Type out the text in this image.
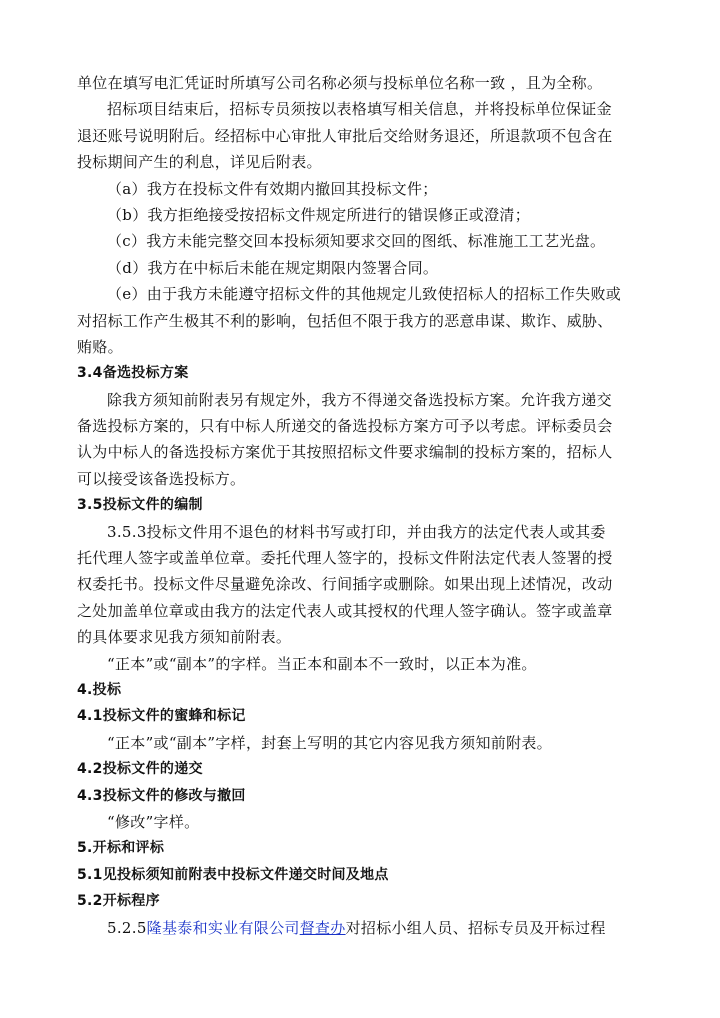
单位在填写电汇凭证时所填写公司名称必须与投标单位名称一致 ，且为全称。
招标项目结束后，招标专员须按以表格填写相关信息，并将投标单位保证金
退还账号说明附后。经招标中心审批人审批后交给财务退还，所退款项不包含在
投标期间产生的利息，详见后附表。
（a）我方在投标文件有效期内撤回其投标文件；
（b）我方拒绝接受按招标文件规定所进行的错误修正或澄清；
（c）我方未能完整交回本投标须知要求交回的图纸、标准施工工艺光盘。
（d）我方在中标后未能在规定期限内签署合同。
（e）由于我方未能遵守招标文件的其他规定儿致使招标人的招标工作失败或
对招标工作产生极其不利的影响，包括但不限于我方的恶意串谋、欺诈、威胁、
贿赂。
3.4备选投标方案
除我方须知前附表另有规定外，我方不得递交备选投标方案。允许我方递交
备选投标方案的，只有中标人所递交的备选投标方案方可予以考虑。评标委员会
认为中标人的备选投标方案优于其按照招标文件要求编制的投标方案的，招标人
可以接受该备选投标方。
3.5投标文件的编制
3.5.3投标文件用不退色的材料书写或打印，并由我方的法定代表人或其委
托代理人签字或盖单位章。委托代理人签字的，投标文件附法定代表人签署的授
权委托书。投标文件尽量避免涂改、行间插字或删除。如果出现上述情况，改动
之处加盖单位章或由我方的法定代表人或其授权的代理人签字确认。签字或盖章
的具体要求见我方须知前附表。
“正本”或“副本”的字样。当正本和副本不一致时，以正本为准。
4.投标
4.1投标文件的蜜蜂和标记
“正本”或“副本”字样，封套上写明的其它内容见我方须知前附表。
4.2投标文件的递交
4.3投标文件的修改与撤回
“修改”字样。
5.开标和评标
5.1见投标须知前附表中投标文件递交时间及地点
5.2开标程序
5.2.5隆基泰和实业有限公司督查办对招标小组人员、招标专员及开标过程
